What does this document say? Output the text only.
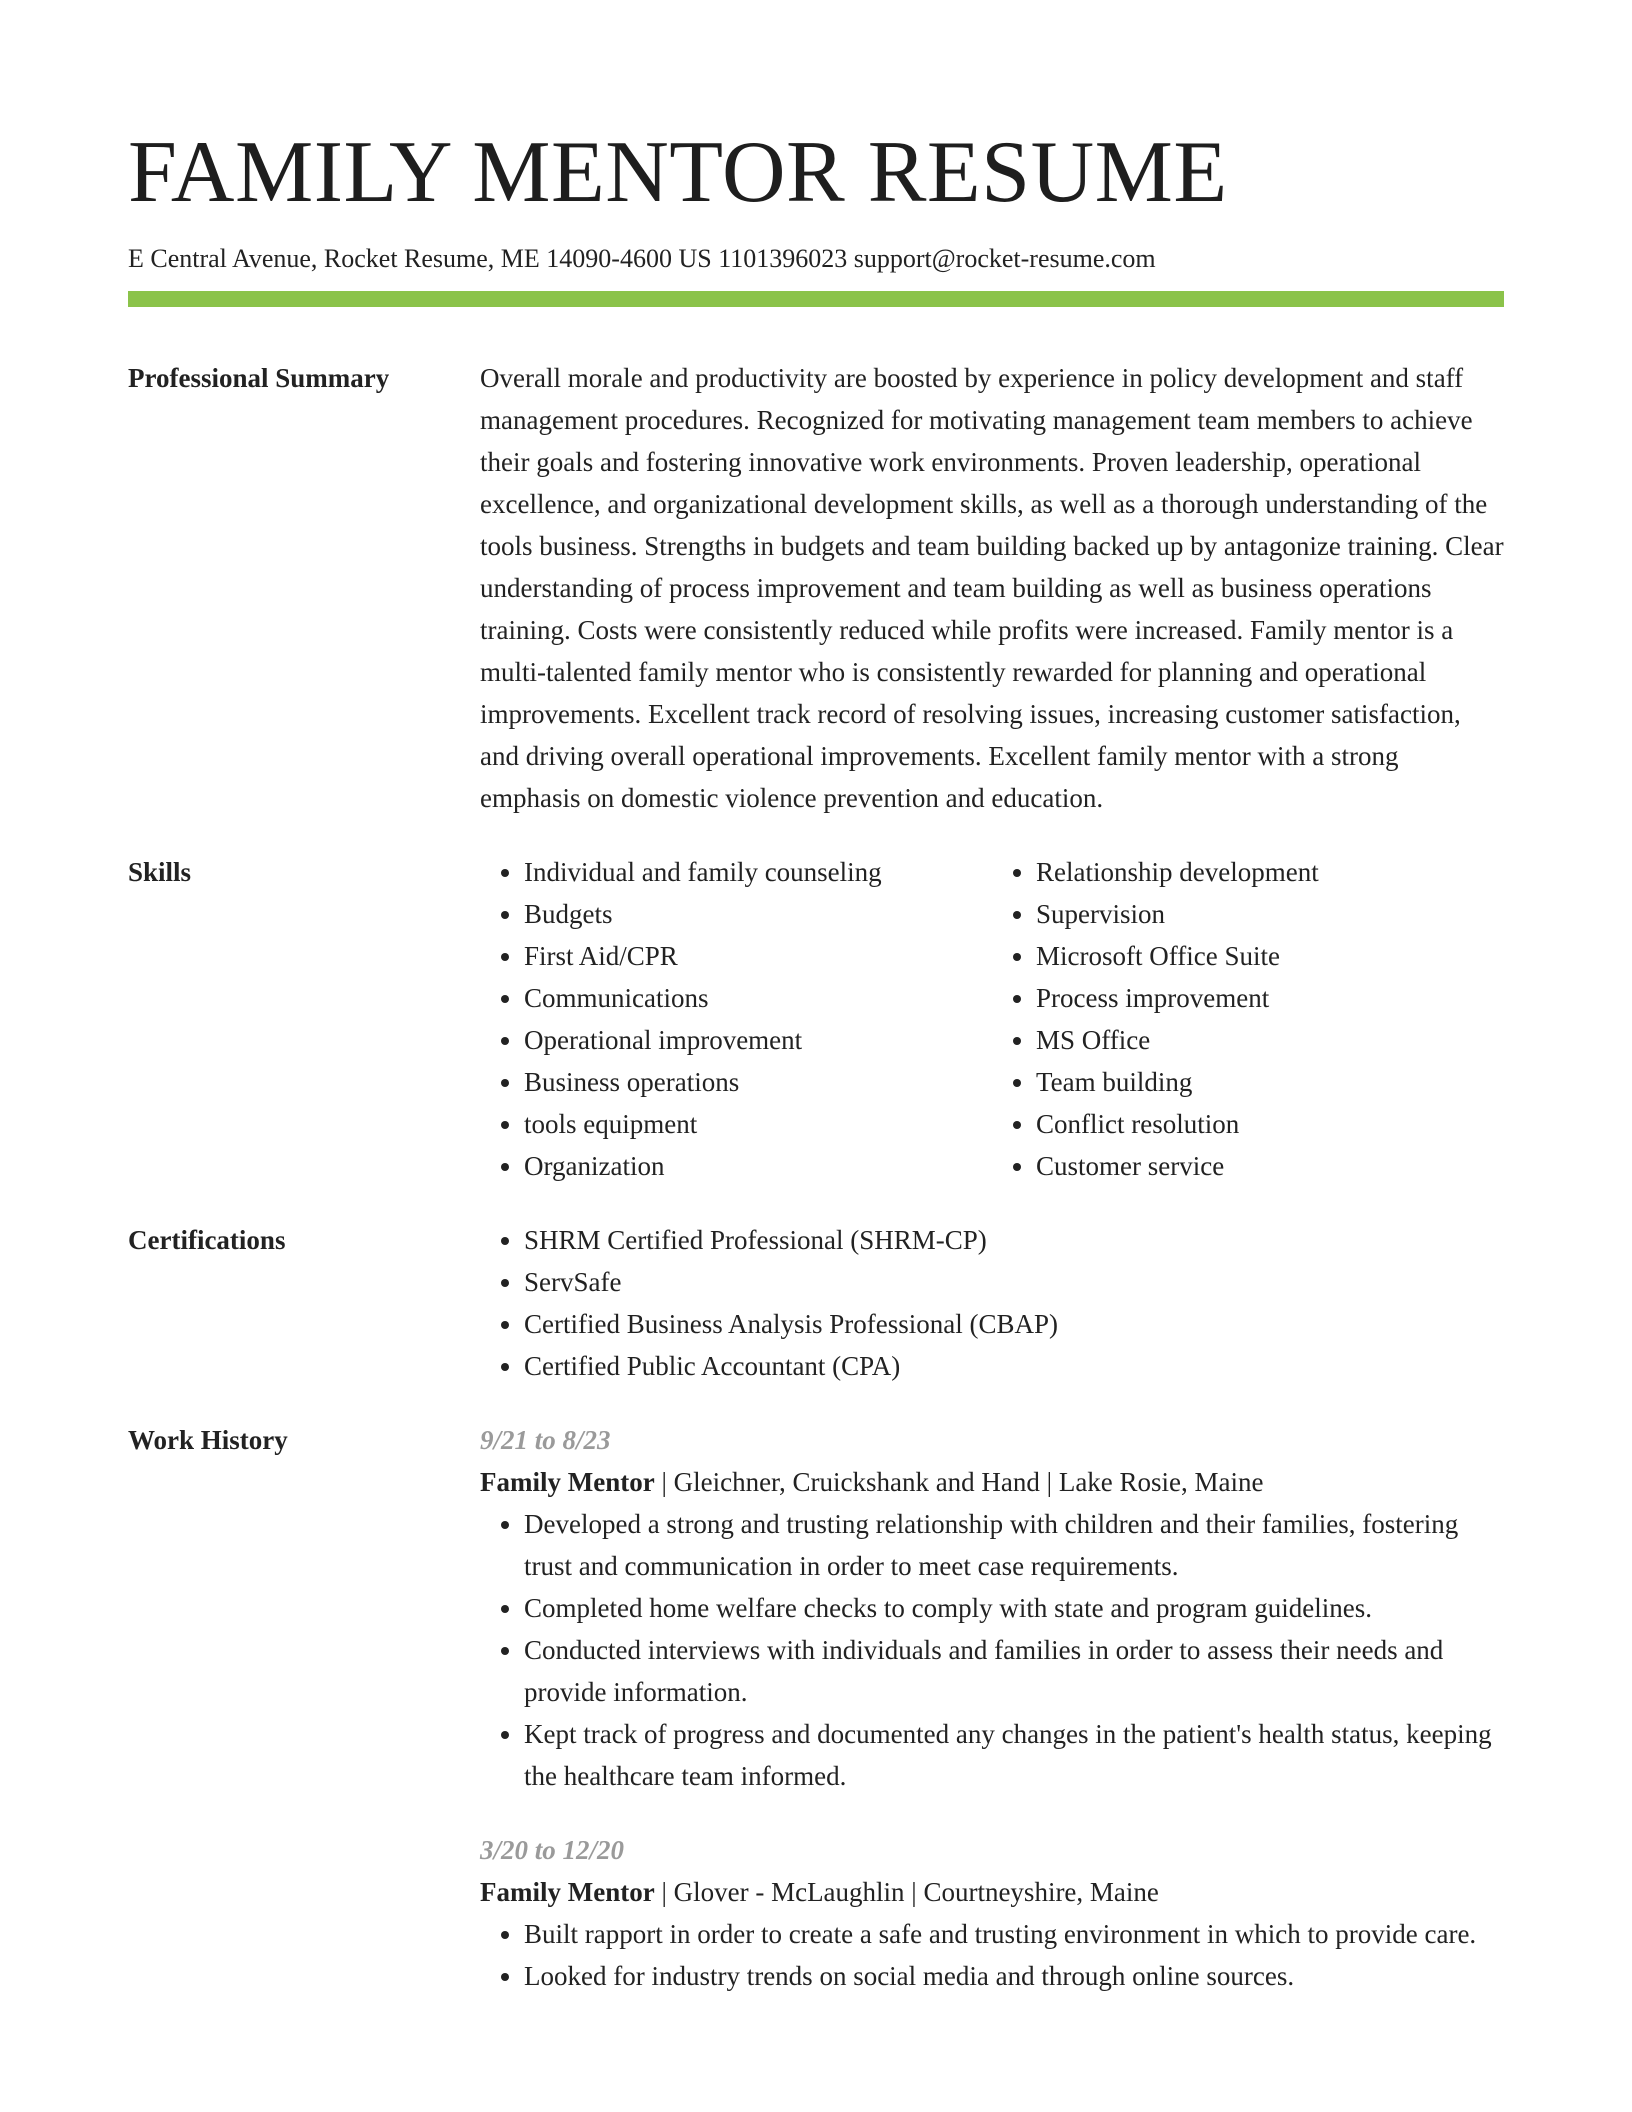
FAMILY MENTOR RESUME
E Central Avenue, Rocket Resume, ME 14090-4600 US 1101396023 support@rocket-resume.com
Professional Summary	Overall morale and productivity are boosted by experience in policy development and staff management procedures. Recognized for motivating management team members to achieve their goals and fostering innovative work environments. Proven leadership, operational excellence, and organizational development skills, as well as a thorough understanding of the tools business. Strengths in budgets and team building backed up by antagonize training. Clear understanding of process improvement and team building as well as business operations training. Costs were consistently reduced while profits were increased. Family mentor is a multi-talented family mentor who is consistently rewarded for planning and operational improvements. Excellent track record of resolving issues, increasing customer satisfaction, and driving overall operational improvements. Excellent family mentor with a strong emphasis on domestic violence prevention and education.

Skills	• Individual and family counseling
• Budgets
• First Aid/CPR
• Communications
• Operational improvement
• Business operations
• tools equipment
• Organization
• Relationship development
• Supervision
• Microsoft Office Suite
• Process improvement
• MS Office
• Team building
• Conflict resolution
• Customer service
Certifications	• SHRM Certified Professional (SHRM-CP)
• ServSafe
• Certified Business Analysis Professional (CBAP)
• Certified Public Accountant (CPA)
Work History	9/21 to 8/23
Family Mentor | Gleichner, Cruickshank and Hand | Lake Rosie, Maine
• Developed a strong and trusting relationship with children and their families, fostering trust and communication in order to meet case requirements.
• Completed home welfare checks to comply with state and program guidelines.
• Conducted interviews with individuals and families in order to assess their needs and provide information.
• Kept track of progress and documented any changes in the patient's health status, keeping the healthcare team informed.
3/20 to 12/20
Family Mentor | Glover - McLaughlin | Courtneyshire, Maine
• Built rapport in order to create a safe and trusting environment in which to provide care.
• Looked for industry trends on social media and through online sources.
